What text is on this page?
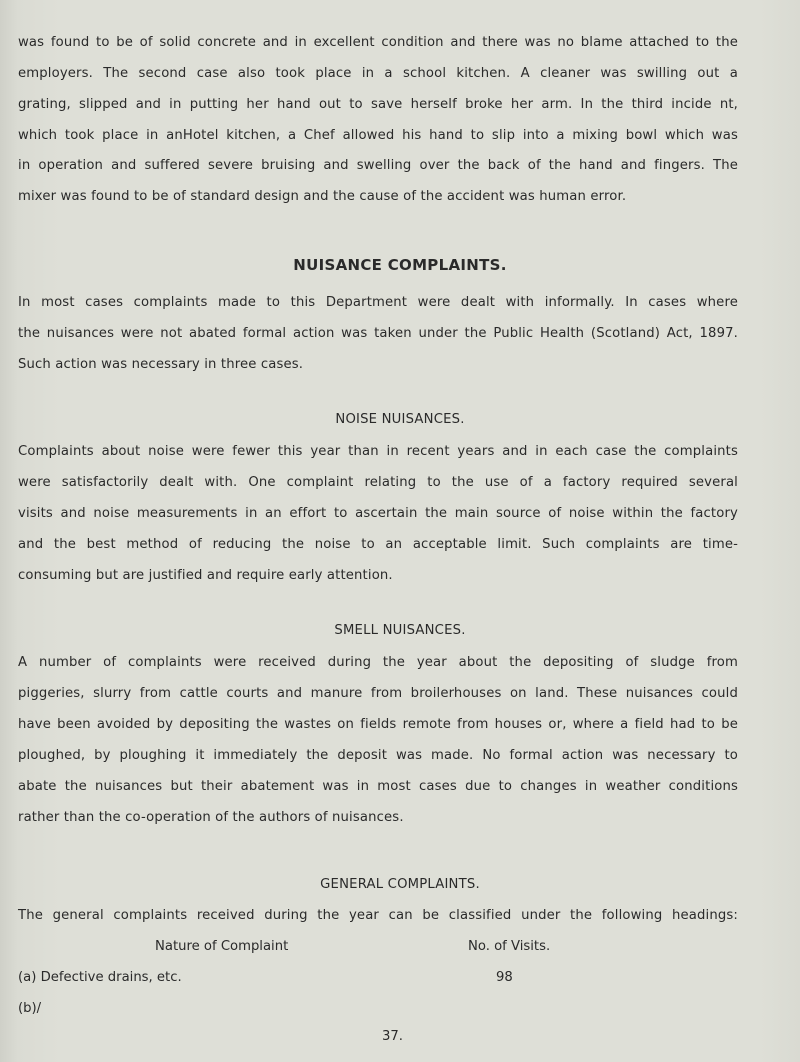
was found to be of solid concrete and in excellent condition and there was no blame attached to the
employers. The second case also took place in a school kitchen. A cleaner was swilling out a
grating, slipped and in putting her hand out to save herself broke her arm. In the third incide nt,
which took place in anHotel kitchen, a Chef allowed his hand to slip into a mixing bowl which was
in operation and suffered severe bruising and swelling over the back of the hand and fingers. The
mixer was found to be of standard design and the cause of the accident was human error.
NUISANCE COMPLAINTS.
In most cases complaints made to this Department were dealt with informally. In cases where
the nuisances were not abated formal action was taken under the Public Health (Scotland) Act, 1897.
Such action was necessary in three cases.
NOISE NUISANCES.
Complaints about noise were fewer this year than in recent years and in each case the complaints
were satisfactorily dealt with. One complaint relating to the use of a factory required several
visits and noise measurements in an effort to ascertain the main source of noise within the factory
and the best method of reducing the noise to an acceptable limit. Such complaints are time-
consuming but are justified and require early attention.
SMELL NUISANCES.
A number of complaints were received during the year about the depositing of sludge from
piggeries, slurry from cattle courts and manure from broilerhouses on land. These nuisances could
have been avoided by depositing the wastes on fields remote from houses or, where a field had to be
ploughed, by ploughing it immediately the deposit was made. No formal action was necessary to
abate the nuisances but their abatement was in most cases due to changes in weather conditions
rather than the co-operation of the authors of nuisances.
GENERAL COMPLAINTS.
The general complaints received during the year can be classified under the following headings:
Nature of Complaint	No. of Visits.
(a) Defective drains, etc.	98
(b)/
37.
